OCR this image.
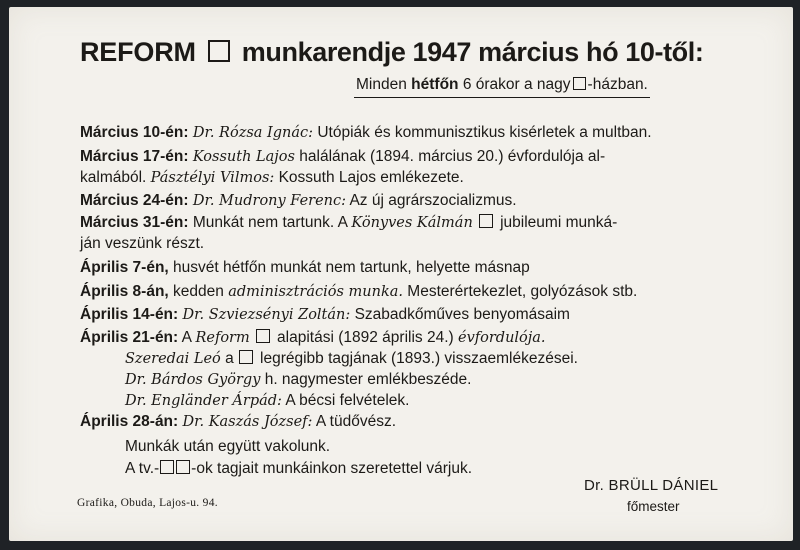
REFORM munkarendje 1947 március hó 10-től:
Minden hétfőn 6 órakor a nagy -házban.
Március 10-én: Dr. Rózsa Ignác: Utópiák és kommunisztikus kisérletek a multban.
Március 17-én: Kossuth Lajos halálának (1894. március 20.) évfordulója al-
kalmából. Pásztélyi Vilmos: Kossuth Lajos emlékezete.
Március 24-én: Dr. Mudrony Ferenc: Az új agrárszocializmus.
Március 31-én: Munkát nem tartunk. A Könyves Kálmán jubileumi munká-
ján veszünk részt.
Április 7-én, husvét hétfőn munkát nem tartunk, helyette másnap
Április 8-án, kedden adminisztrációs munka. Mesterértekezlet, golyózások stb.
Április 14-én: Dr. Szviezsényi Zoltán: Szabadkőműves benyomásaim
Április 21-én: A Reform alapitási (1892 április 24.) évfordulója.
Szeredai Leó a legrégibb tagjának (1893.) visszaemlékezései.
Dr. Bárdos György h. nagymester emlékbeszéde.
Dr. Engländer Árpád: A bécsi felvételek.
Április 28-án: Dr. Kaszás József: A tüdővész.
Munkák után együtt vakolunk.
A tv.- -ok tagjait munkáinkon szeretettel várjuk.
Dr. BRÜLL DÁNIEL
főmester
Grafika, Obuda, Lajos-u. 94.
